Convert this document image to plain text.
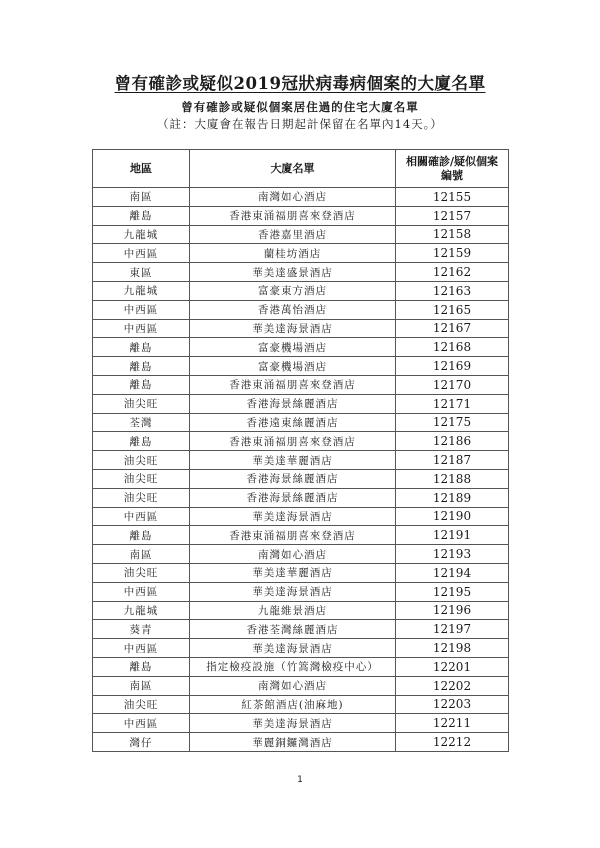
曾有確診或疑似2019冠狀病毒病個案的大廈名單
曾有確診或疑似個案居住過的住宅大廈名單
（註：大廈會在報告日期起計保留在名單內14天。）
地區	大廈名單	相關確診/疑似個案
編號

南區	南灣如心酒店	12155
離島	香港東涌福朋喜來登酒店	12157
九龍城	香港嘉里酒店	12158
中西區	蘭桂坊酒店	12159
東區	華美達盛景酒店	12162
九龍城	富豪東方酒店	12163
中西區	香港萬怡酒店	12165
中西區	華美達海景酒店	12167
離島	富豪機場酒店	12168
離島	富豪機場酒店	12169
離島	香港東涌福朋喜來登酒店	12170
油尖旺	香港海景絲麗酒店	12171
荃灣	香港遠東絲麗酒店	12175
離島	香港東涌福朋喜來登酒店	12186
油尖旺	華美達華麗酒店	12187
油尖旺	香港海景絲麗酒店	12188
油尖旺	香港海景絲麗酒店	12189
中西區	華美達海景酒店	12190
離島	香港東涌福朋喜來登酒店	12191
南區	南灣如心酒店	12193
油尖旺	華美達華麗酒店	12194
中西區	華美達海景酒店	12195
九龍城	九龍維景酒店	12196
葵青	香港荃灣絲麗酒店	12197
中西區	華美達海景酒店	12198
離島	指定檢疫設施（竹篙灣檢疫中心）	12201
南區	南灣如心酒店	12202
油尖旺	紅茶館酒店(油麻地)	12203
中西區	華美達海景酒店	12211
灣仔	華麗銅鑼灣酒店	12212
1
